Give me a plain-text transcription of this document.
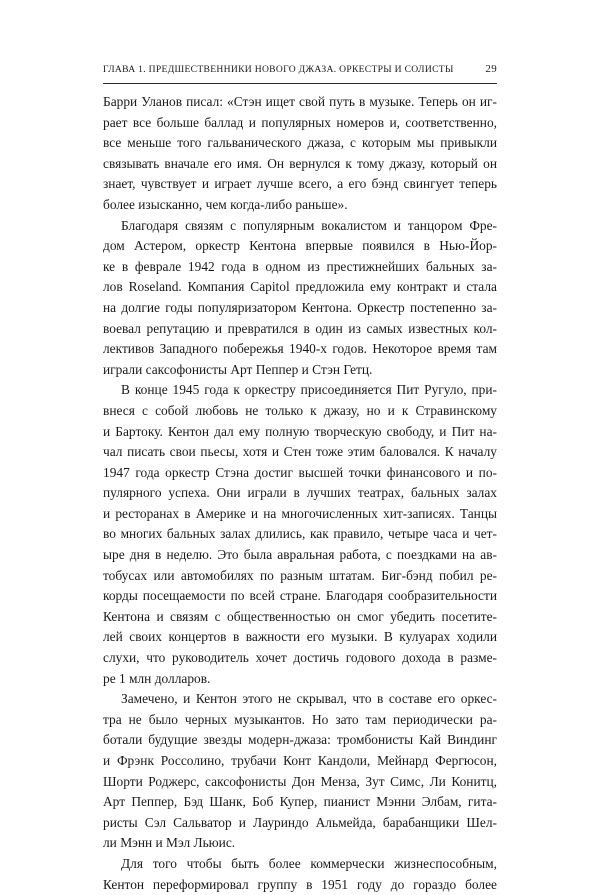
ГЛАВА 1. ПРЕДШЕСТВЕННИКИ НОВОГО ДЖАЗА. ОРКЕСТРЫ И СОЛИСТЫ	29
Барри Уланов писал: «Стэн ищет свой путь в музыке. Теперь он иг-
рает все больше баллад и популярных номеров и, соответственно,
все меньше того гальванического джаза, с которым мы привыкли
связывать вначале его имя. Он вернулся к тому джазу, который он
знает, чувствует и играет лучше всего, а его бэнд свингует теперь
более изысканно, чем когда-либо раньше».
Благодаря связям с популярным вокалистом и танцором Фре-
дом Астером, оркестр Кентона впервые появился в Нью-Йор-
ке в феврале 1942 года в одном из престижнейших бальных за-
лов Roseland. Компания Capitol предложила ему контракт и стала
на долгие годы популяризатором Кентона. Оркестр постепенно за-
воевал репутацию и превратился в один из самых известных кол-
лективов Западного побережья 1940-х годов. Некоторое время там
играли саксофонисты Арт Пеппер и Стэн Гетц.
В конце 1945 года к оркестру присоединяется Пит Ругуло, при-
внеся с собой любовь не только к джазу, но и к Стравинскому
и Бартоку. Кентон дал ему полную творческую свободу, и Пит на-
чал писать свои пьесы, хотя и Стен тоже этим баловался. К началу
1947 года оркестр Стэна достиг высшей точки финансового и по-
пулярного успеха. Они играли в лучших театрах, бальных залах
и ресторанах в Америке и на многочисленных хит-записях. Танцы
во многих бальных залах длились, как правило, четыре часа и чет-
ыре дня в неделю. Это была авральная работа, с поездками на ав-
тобусах или автомобилях по разным штатам. Биг-бэнд побил ре-
корды посещаемости по всей стране. Благодаря сообразительности
Кентона и связям с общественностью он смог убедить посетите-
лей своих концертов в важности его музыки. В кулуарах ходили
слухи, что руководитель хочет достичь годового дохода в разме-
ре 1 млн долларов.
Замечено, и Кентон этого не скрывал, что в составе его оркес-
тра не было черных музыкантов. Но зато там периодически ра-
ботали будущие звезды модерн-джаза: тромбонисты Кай Виндинг
и Фрэнк Россолино, трубачи Конт Кандоли, Мейнард Фергюсон,
Шорти Роджерс, саксофонисты Дон Менза, Зут Симс, Ли Конитц,
Арт Пеппер, Бэд Шанк, Боб Купер, пианист Мэнни Элбам, гита-
ристы Сэл Сальватор и Лауриндо Альмейда, барабанщики Шел-
ли Мэнн и Мэл Льюис.
Для того чтобы быть более коммерчески жизнеспособным,
Кентон переформировал группу в 1951 году до гораздо более
